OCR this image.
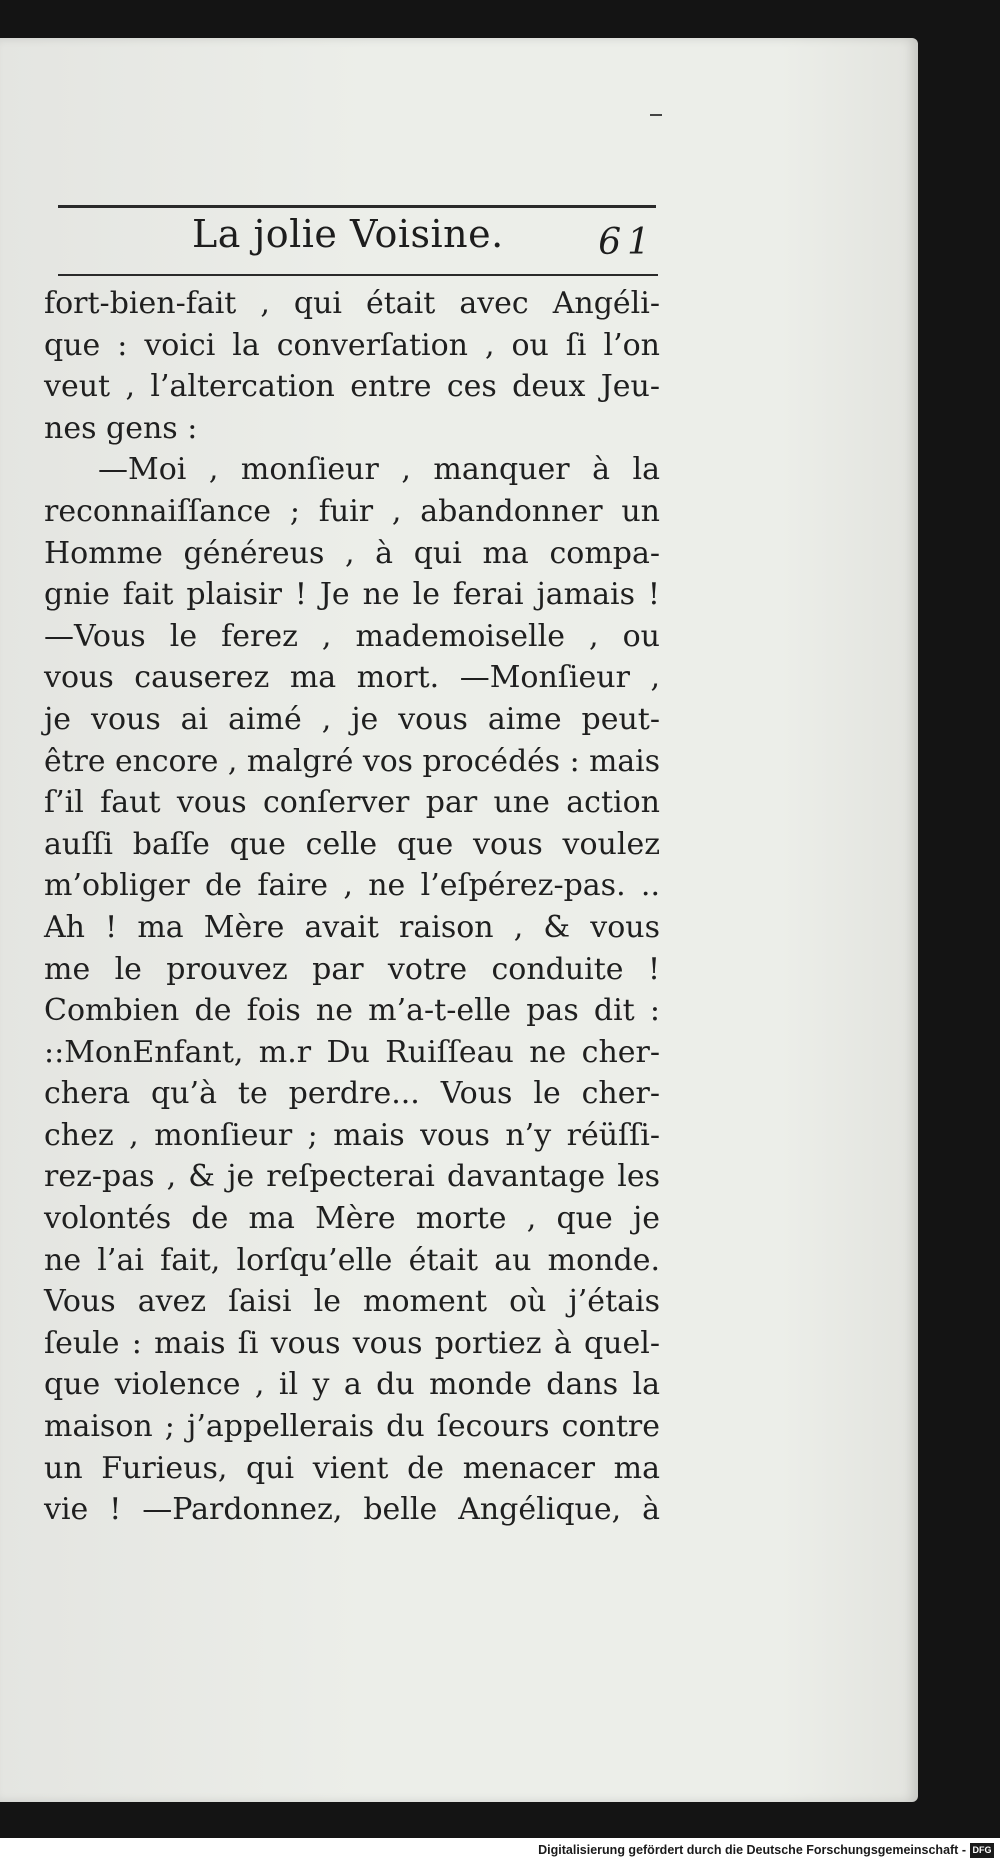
La jolie Voisine.	61
fort-bien-fait , qui était avec Angéli-
que : voici la converſation , ou ſi l’on
veut , l’altercation entre ces deux Jeu-
nes gens :
—Moi , monſieur , manquer à la
reconnaiſſance ; fuir , abandonner un
Homme généreus , à qui ma compa-
gnie fait plaisir ! Je ne le ferai jamais !
—Vous le ferez , mademoiselle , ou
vous causerez ma mort. —Monſieur ,
je vous ai aimé , je vous aime peut-
être encore , malgré vos procédés : mais
ſ’il faut vous conſerver par une action
auſſi baſſe que celle que vous voulez
m’obliger de faire , ne l’eſpérez-pas. ..
Ah ! ma Mère avait raison , & vous
me le prouvez par votre conduite !
Combien de fois ne m’a-t-elle pas dit :
::MonEnfant, m.r Du Ruiſſeau ne cher-
chera qu’à te perdre... Vous le cher-
chez , monſieur ; mais vous n’y réüſſi-
rez-pas , & je reſpecterai davantage les
volontés de ma Mère morte , que je
ne l’ai fait, lorſqu’elle était au monde.
Vous avez ſaisi le moment où j’étais
ſeule : mais ſi vous vous portiez à quel-
que violence , il y a du monde dans la
maison ; j’appellerais du ſecours contre
un Furieus, qui vient de menacer ma
vie ! —Pardonnez, belle Angélique, à
Digitalisierung gefördert durch die Deutsche Forschungsgemeinschaft - DFG
